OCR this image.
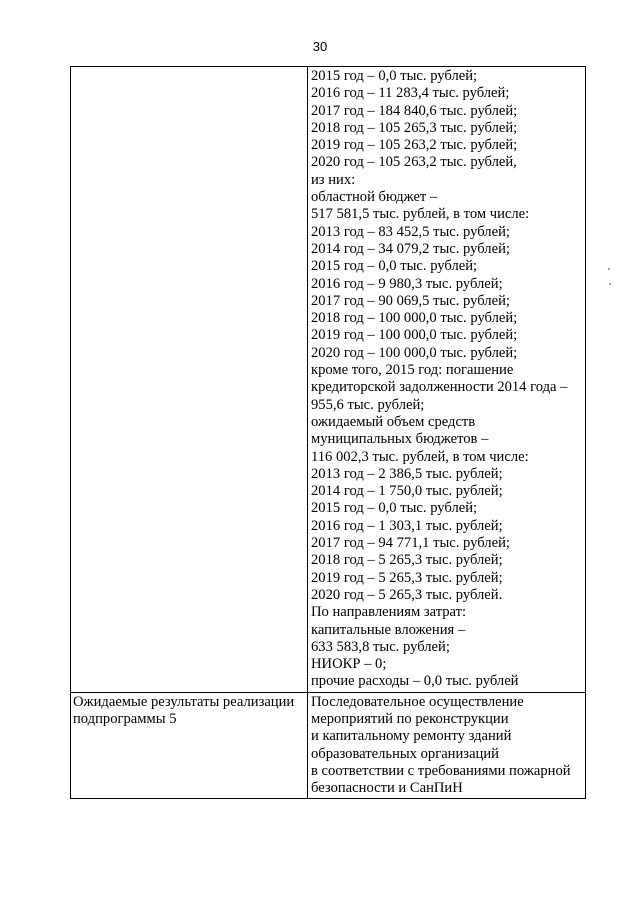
30
2015 год – 0,0 тыс. рублей;
2016 год – 11 283,4 тыс. рублей;
2017 год – 184 840,6 тыс. рублей;
2018 год – 105 265,3 тыс. рублей;
2019 год – 105 263,2 тыс. рублей;
2020 год – 105 263,2 тыс. рублей,
из них:
областной бюджет –
517 581,5 тыс. рублей, в том числе:
2013 год – 83 452,5 тыс. рублей;
2014 год – 34 079,2 тыс. рублей;
2015 год – 0,0 тыс. рублей;
2016 год – 9 980,3 тыс. рублей;
2017 год – 90 069,5 тыс. рублей;
2018 год – 100 000,0 тыс. рублей;
2019 год – 100 000,0 тыс. рублей;
2020 год – 100 000,0 тыс. рублей;
кроме того, 2015 год: погашение
кредиторской задолженности 2014 года –
955,6 тыс. рублей;
ожидаемый объем средств
муниципальных бюджетов –
116 002,3 тыс. рублей, в том числе:
2013 год – 2 386,5 тыс. рублей;
2014 год – 1 750,0 тыс. рублей;
2015 год – 0,0 тыс. рублей;
2016 год – 1 303,1 тыс. рублей;
2017 год – 94 771,1 тыс. рублей;
2018 год – 5 265,3 тыс. рублей;
2019 год – 5 265,3 тыс. рублей;
2020 год – 5 265,3 тыс. рублей.
По направлениям затрат:
капитальные вложения –
633 583,8 тыс. рублей;
НИОКР – 0;
прочие расходы – 0,0 тыс. рублей
Ожидаемые результаты реализации
подпрограммы 5
Последовательное осуществление
мероприятий по реконструкции
и капитальному ремонту зданий
образовательных организаций
в соответствии с требованиями пожарной
безопасности и СанПиН
